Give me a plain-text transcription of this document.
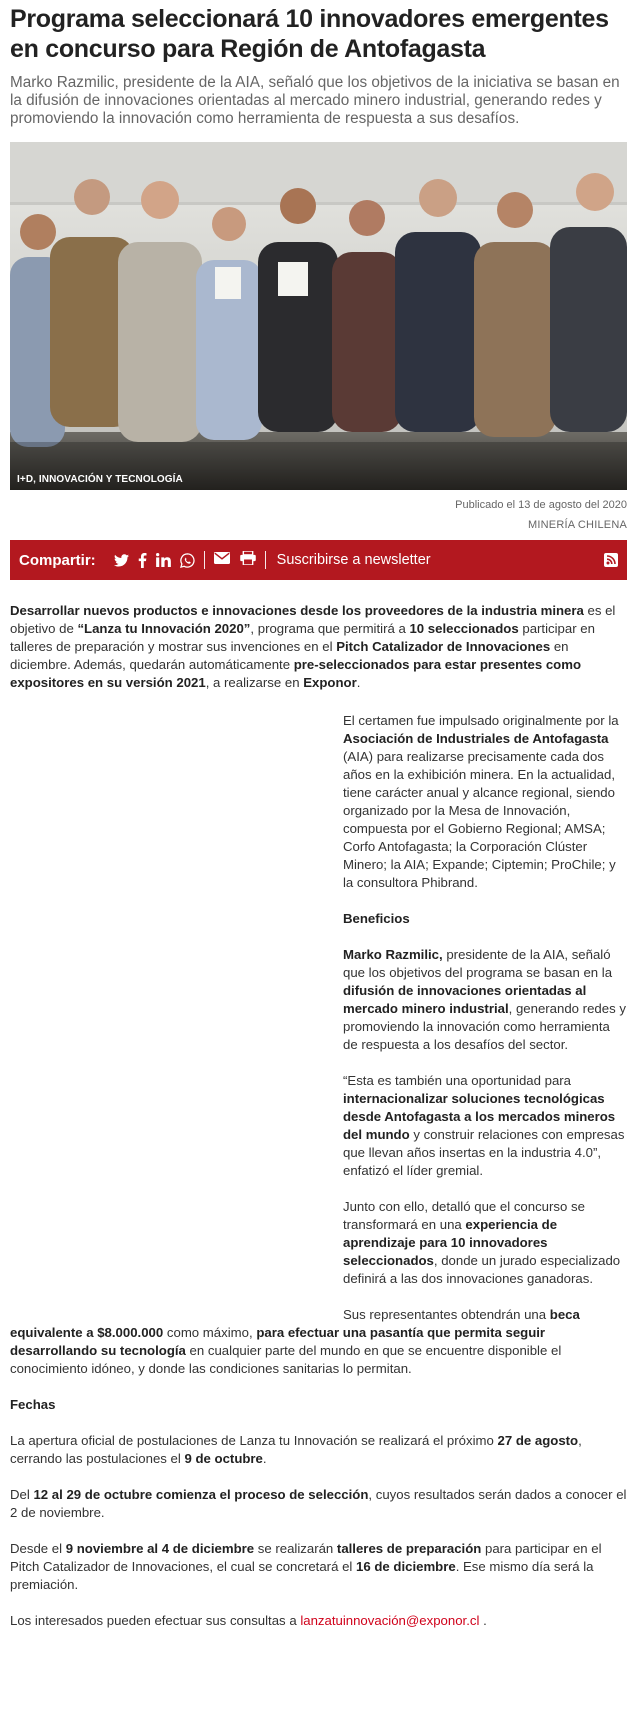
Programa seleccionará 10 innovadores emergentes en concurso para Región de Antofagasta

Marko Razmilic, presidente de la AIA, señaló que los objetivos de la iniciativa se basan en la difusión de innovaciones orientadas al mercado minero industrial, generando redes y promoviendo la innovación como herramienta de respuesta a sus desafíos.

I+D, INNOVACIÓN Y TECNOLOGÍA
Publicado el 13 de agosto del 2020
MINERÍA CHILENA
Compartir:	Suscribirse a newsletter

Desarrollar nuevos productos e innovaciones desde los proveedores de la industria minera es el objetivo de “Lanza tu Innovación 2020”, programa que permitirá a 10 seleccionados participar en talleres de preparación y mostrar sus invenciones en el Pitch Catalizador de Innovaciones en diciembre. Además, quedarán automáticamente pre-seleccionados para estar presentes como expositores en su versión 2021, a realizarse en Exponor.

El certamen fue impulsado originalmente por la Asociación de Industriales de Antofagasta (AIA) para realizarse precisamente cada dos años en la exhibición minera. En la actualidad, tiene carácter anual y alcance regional, siendo organizado por la Mesa de Innovación, compuesta por el Gobierno Regional; AMSA; Corfo Antofagasta; la Corporación Clúster Minero; la AIA; Expande; Ciptemin; ProChile; y la consultora Phibrand.

Beneficios

Marko Razmilic, presidente de la AIA, señaló que los objetivos del programa se basan en la difusión de innovaciones orientadas al mercado minero industrial, generando redes y promoviendo la innovación como herramienta de respuesta a los desafíos del sector.

“Esta es también una oportunidad para internacionalizar soluciones tecnológicas desde Antofagasta a los mercados mineros del mundo y construir relaciones con empresas que llevan años insertas en la industria 4.0”, enfatizó el líder gremial.

Junto con ello, detalló que el concurso se transformará en una experiencia de aprendizaje para 10 innovadores seleccionados, donde un jurado especializado definirá a las dos innovaciones ganadoras.

Sus representantes obtendrán una beca equivalente a $8.000.000 como máximo, para efectuar una pasantía que permita seguir desarrollando su tecnología en cualquier parte del mundo en que se encuentre disponible el conocimiento idóneo, y donde las condiciones sanitarias lo permitan.

Fechas

La apertura oficial de postulaciones de Lanza tu Innovación se realizará el próximo 27 de agosto, cerrando las postulaciones el 9 de octubre.

Del 12 al 29 de octubre comienza el proceso de selección, cuyos resultados serán dados a conocer el 2 de noviembre.

Desde el 9 noviembre al 4 de diciembre se realizarán talleres de preparación para participar en el Pitch Catalizador de Innovaciones, el cual se concretará el 16 de diciembre. Ese mismo día será la premiación.

Los interesados pueden efectuar sus consultas a lanzatuinnovación@exponor.cl .
